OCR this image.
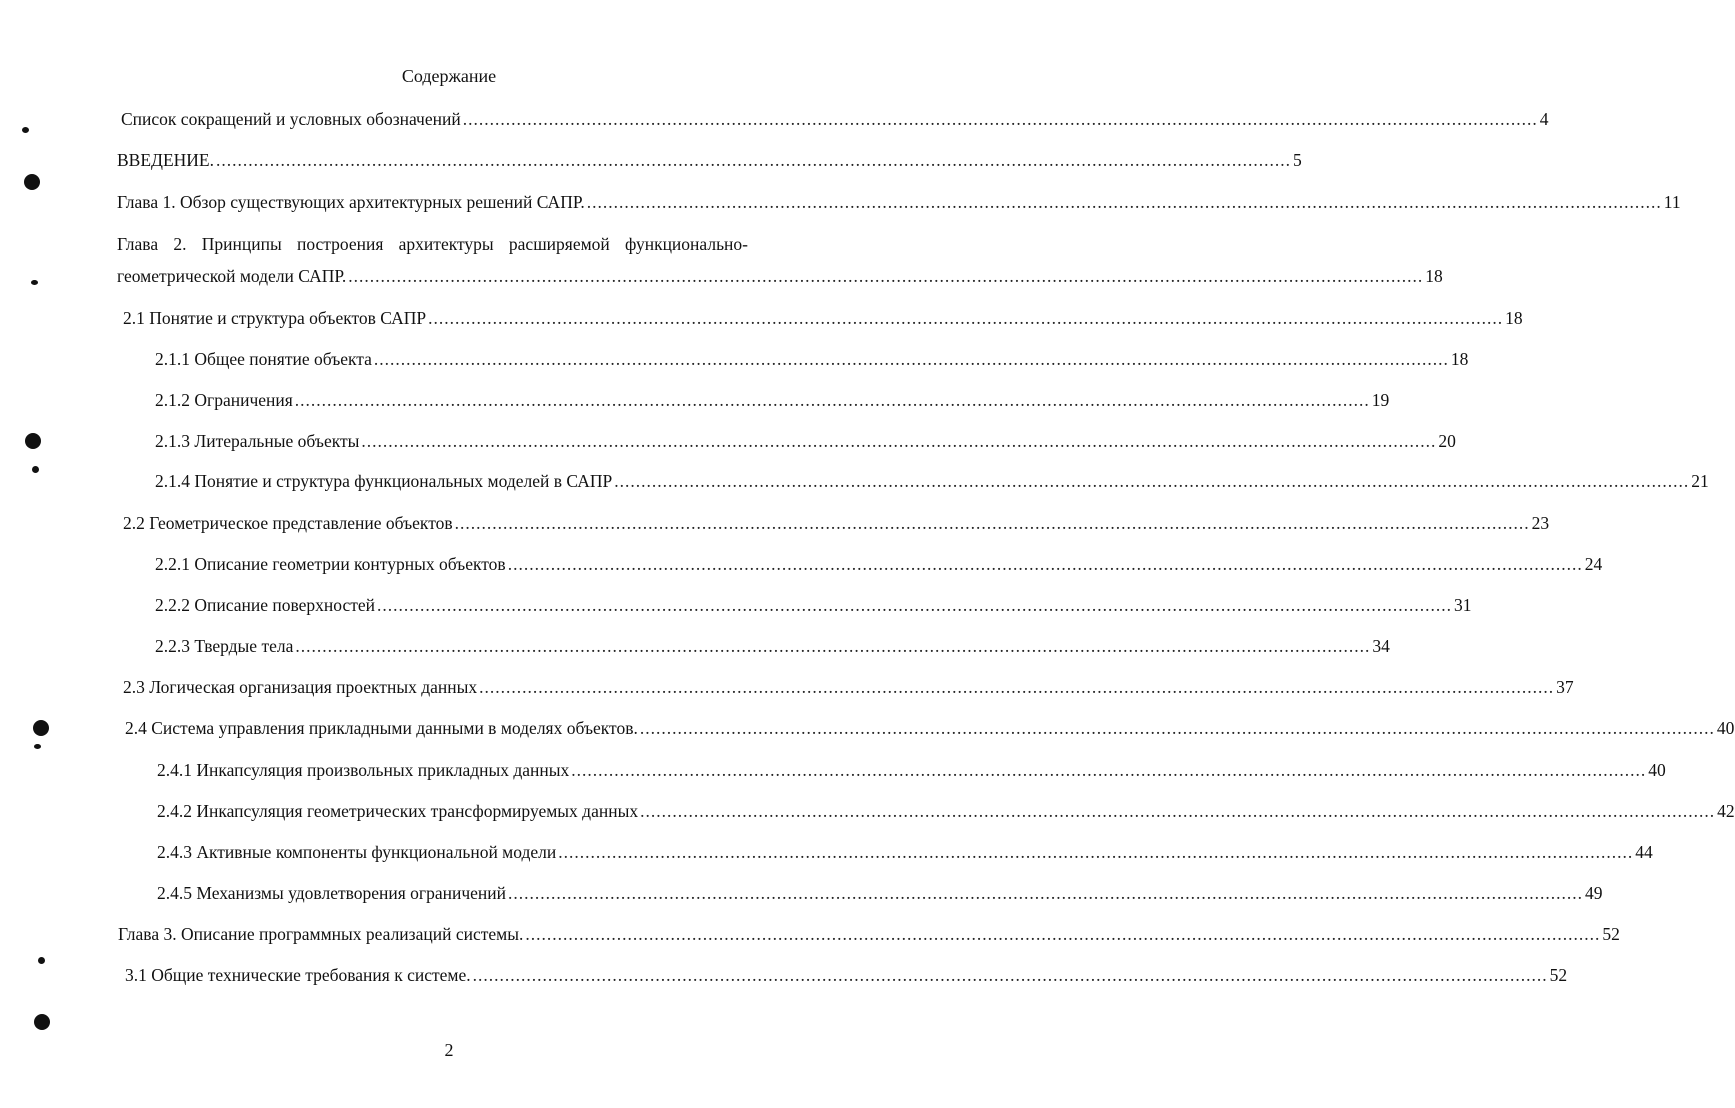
Содержание
Список сокращений и условных обозначений ........................................................................................................................................................................................................ 4
ВВЕДЕНИЕ. ........................................................................................................................................................................................................ 5
Глава 1. Обзор существующих архитектурных решений САПР. ........................................................................................................................................................................................................ 11
Глава 2. Принципы построения архитектуры расширяемой функционально-
геометрической модели САПР. ........................................................................................................................................................................................................ 18
2.1 Понятие и структура объектов САПР ........................................................................................................................................................................................................ 18
2.1.1 Общее понятие объекта ........................................................................................................................................................................................................ 18
2.1.2 Ограничения ........................................................................................................................................................................................................ 19
2.1.3 Литеральные объекты ........................................................................................................................................................................................................ 20
2.1.4 Понятие и структура функциональных моделей в САПР ........................................................................................................................................................................................................ 21
2.2 Геометрическое представление объектов ........................................................................................................................................................................................................ 23
2.2.1 Описание геометрии контурных объектов ........................................................................................................................................................................................................ 24
2.2.2 Описание поверхностей ........................................................................................................................................................................................................ 31
2.2.3 Твердые тела ........................................................................................................................................................................................................ 34
2.3 Логическая организация проектных данных ........................................................................................................................................................................................................ 37
2.4 Система управления прикладными данными в моделях объектов. ........................................................................................................................................................................................................ 40
2.4.1 Инкапсуляция произвольных прикладных данных ........................................................................................................................................................................................................ 40
2.4.2 Инкапсуляция геометрических трансформируемых данных ........................................................................................................................................................................................................ 42
2.4.3 Активные компоненты функциональной модели ........................................................................................................................................................................................................ 44
2.4.5 Механизмы удовлетворения ограничений ........................................................................................................................................................................................................ 49
Глава 3. Описание программных реализаций системы. ........................................................................................................................................................................................................ 52
3.1 Общие технические требования к системе. ........................................................................................................................................................................................................ 52
2
